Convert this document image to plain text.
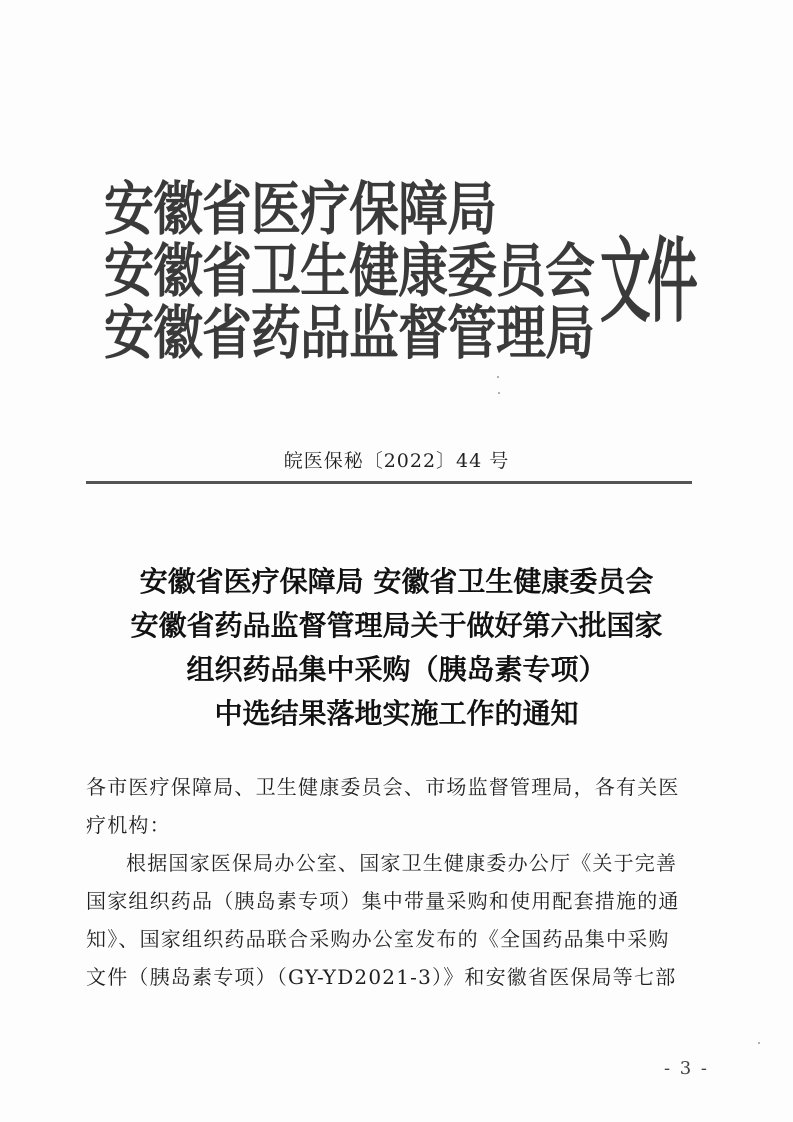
安徽省医疗保障局
安徽省卫生健康委员会
安徽省药品监督管理局 文件
皖医保秘〔2022〕44 号
安徽省医疗保障局 安徽省卫生健康委员会
安徽省药品监督管理局关于做好第六批国家
组织药品集中采购（胰岛素专项）
中选结果落地实施工作的通知
各市医疗保障局、卫生健康委员会、市场监督管理局，各有关医
疗机构：
根据国家医保局办公室、国家卫生健康委办公厅《关于完善
国家组织药品（胰岛素专项）集中带量采购和使用配套措施的通
知》、国家组织药品联合采购办公室发布的《全国药品集中采购
文件（胰岛素专项）（GY-YD2021-3）》和安徽省医保局等七部
- 3 -
